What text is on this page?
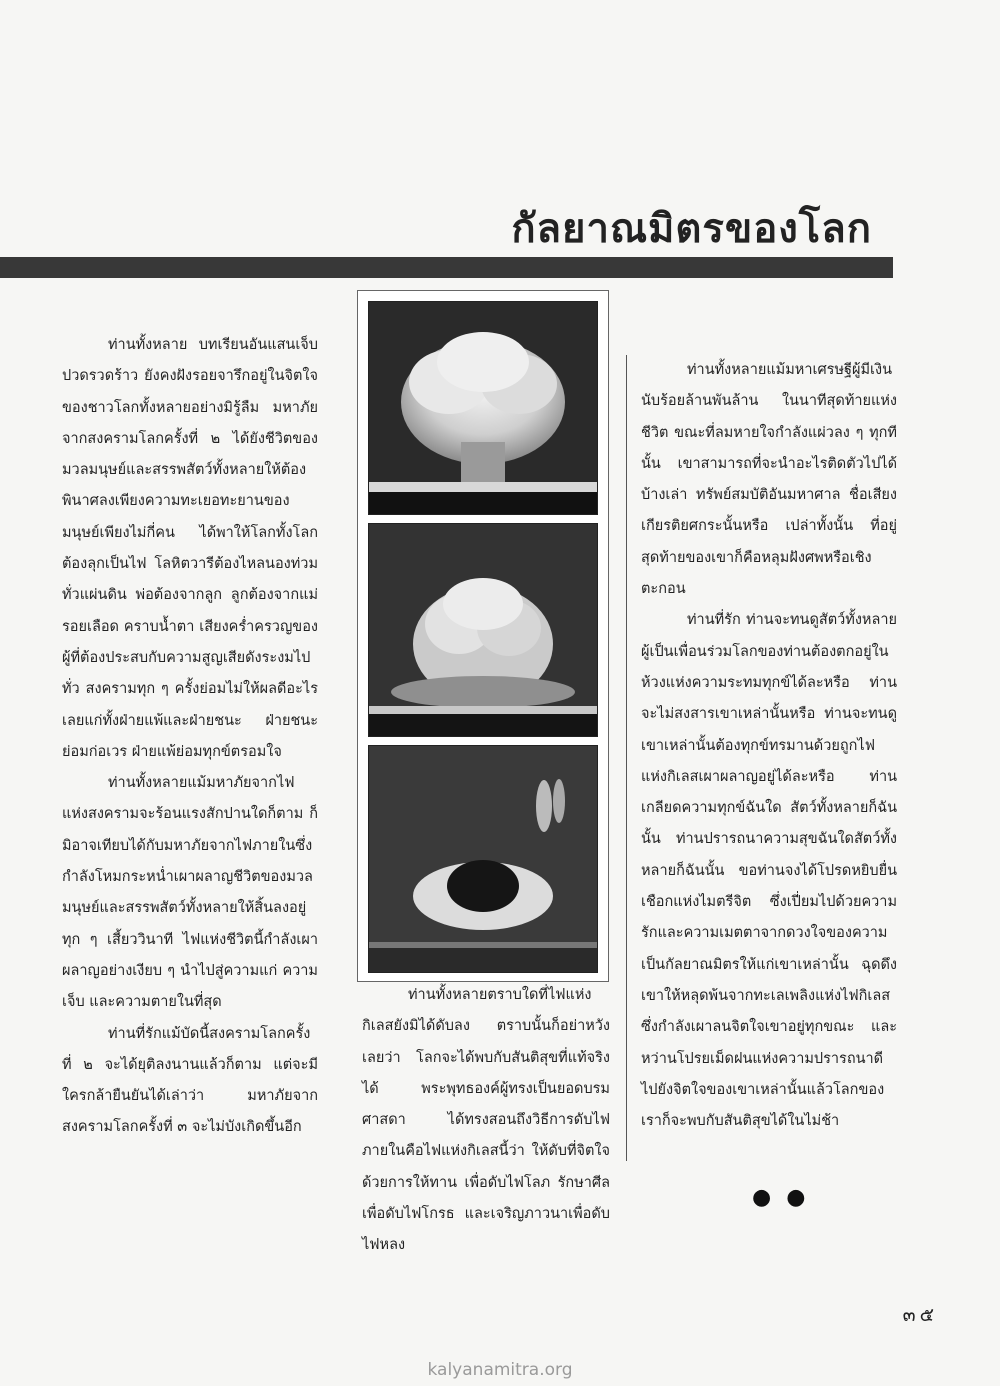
กัลยาณมิตรของโลก

ท่านทั้งหลาย บทเรียนอันแสนเจ็บปวดรวดร้าว ยังคงฝังรอยจารึกอยู่ในจิตใจของชาวโลกทั้งหลายอย่างมิรู้ลืม มหาภัยจากสงครามโลกครั้งที่ ๒ ได้ยังชีวิตของมวลมนุษย์และสรรพสัตว์ทั้งหลายให้ต้องพินาศลงเพียงความทะเยอทะยานของมนุษย์เพียงไม่กี่คน ได้พาให้โลกทั้งโลกต้องลุกเป็นไฟ โลหิตวารีต้องไหลนองท่วมทั่วแผ่นดิน พ่อต้องจากลูก ลูกต้องจากแม่ รอยเลือด คราบน้ำตา เสียงคร่ำครวญของผู้ที่ต้องประสบกับความสูญเสียดังระงมไปทั่ว สงครามทุก ๆ ครั้งย่อมไม่ให้ผลดีอะไรเลยแก่ทั้งฝ่ายแพ้และฝ่ายชนะ ฝ่ายชนะย่อมก่อเวร ฝ่ายแพ้ย่อมทุกข์ตรอมใจ

ท่านทั้งหลายแม้มหาภัยจากไฟแห่งสงครามจะร้อนแรงสักปานใดก็ตาม ก็มิอาจเทียบได้กับมหาภัยจากไฟภายในซึ่งกำลังโหมกระหน่ำเผาผลาญชีวิตของมวลมนุษย์และสรรพสัตว์ทั้งหลายให้สิ้นลงอยู่ทุก ๆ เสี้ยววินาที ไฟแห่งชีวิตนี้กำลังเผาผลาญอย่างเงียบ ๆ นำไปสู่ความแก่ ความเจ็บ และความตายในที่สุด

ท่านที่รักแม้บัดนี้สงครามโลกครั้งที่ ๒ จะได้ยุติลงนานแล้วก็ตาม แต่จะมีใครกล้ายืนยันได้เล่าว่า มหาภัยจากสงครามโลกครั้งที่ ๓ จะไม่บังเกิดขึ้นอีก

ท่านทั้งหลายตราบใดที่ไฟแห่งกิเลสยังมิได้ดับลง ตราบนั้นก็อย่าหวังเลยว่า โลกจะได้พบกับสันติสุขที่แท้จริงได้ พระพุทธองค์ผู้ทรงเป็นยอดบรมศาสดา ได้ทรงสอนถึงวิธีการดับไฟภายในคือไฟแห่งกิเลสนี้ว่า ให้ดับที่จิตใจด้วยการให้ทาน เพื่อดับไฟโลภ รักษาศีลเพื่อดับไฟโกรธ และเจริญภาวนาเพื่อดับไฟหลง

ท่านทั้งหลายแม้มหาเศรษฐีผู้มีเงินนับร้อยล้านพันล้าน ในนาทีสุดท้ายแห่งชีวิต ขณะที่ลมหายใจกำลังแผ่วลง ๆ ทุกทีนั้น เขาสามารถที่จะนำอะไรติดตัวไปได้บ้างเล่า ทรัพย์สมบัติอันมหาศาล ชื่อเสียงเกียรติยศกระนั้นหรือ เปล่าทั้งนั้น ที่อยู่สุดท้ายของเขาก็คือหลุมฝังศพหรือเชิงตะกอน

ท่านที่รัก ท่านจะทนดูสัตว์ทั้งหลายผู้เป็นเพื่อนร่วมโลกของท่านต้องตกอยู่ในห้วงแห่งความระทมทุกข์ได้ละหรือ ท่านจะไม่สงสารเขาเหล่านั้นหรือ ท่านจะทนดูเขาเหล่านั้นต้องทุกข์ทรมานด้วยถูกไฟแห่งกิเลสเผาผลาญอยู่ได้ละหรือ ท่านเกลียดความทุกข์ฉันใด สัตว์ทั้งหลายก็ฉันนั้น ท่านปรารถนาความสุขฉันใดสัตว์ทั้งหลายก็ฉันนั้น ขอท่านจงได้โปรดหยิบยื่นเชือกแห่งไมตรีจิต ซึ่งเปี่ยมไปด้วยความรักและความเมตตาจากดวงใจของความเป็นกัลยาณมิตรให้แก่เขาเหล่านั้น ฉุดดึงเขาให้หลุดพ้นจากทะเลเพลิงแห่งไฟกิเลสซึ่งกำลังเผาลนจิตใจเขาอยู่ทุกขณะ และหว่านโปรยเม็ดฝนแห่งความปรารถนาดีไปยังจิตใจของเขาเหล่านั้นแล้วโลกของเราก็จะพบกับสันติสุขได้ในไม่ช้า

● ●
๓๕
kalyanamitra.org
